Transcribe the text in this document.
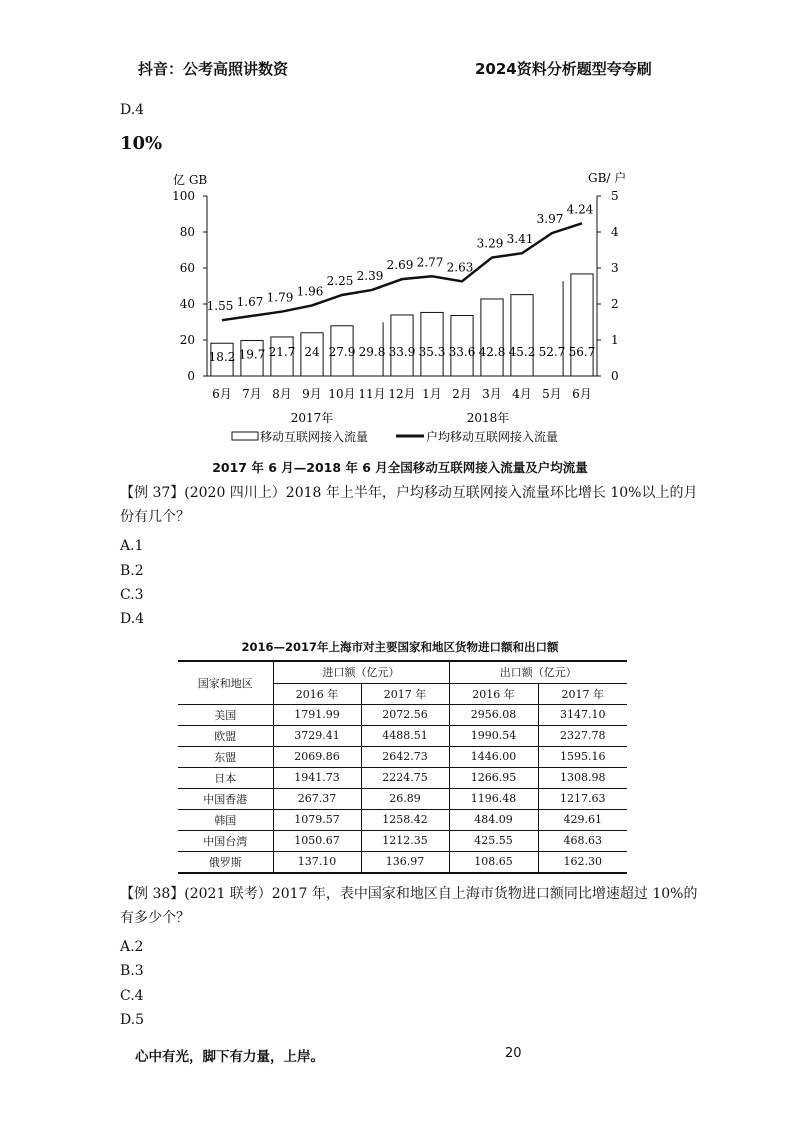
抖音：公考高照讲数资	2024资料分析题型夸夸刷
D.4
10%
0
20
40
60
80
100
0
1
2
3
4
5
亿 GB	GB/ 户
18.2 19.7 21.7 24 27.9 29.8 33.9 35.3 33.6 42.8 45.2 52.7 56.7
1.55 1.67 1.79 1.96
2.25 2.39
2.69 2.77 2.63
3.29 3.41
3.97
4.24
6月 7月 8月 9月 10月 11月 12月 1月 2月 3月 4月 5月 6月
2017年	2018年
移动互联网接入流量	户均移动互联网接入流量
2017 年 6 月—2018 年 6 月全国移动互联网接入流量及户均流量
【例 37】(2020 四川上）2018 年上半年，户均移动互联网接入流量环比增长 10%以上的月
份有几个？
A.1
B.2
C.3
D.4
2016—2017年上海市对主要国家和地区货物进口额和出口额
国家和地区	进口额（亿元）		出口额（亿元）	
	2016 年	2017 年	2016 年	2017 年
美国	1791.99	2072.56	2956.08	3147.10
欧盟	3729.41	4488.51	1990.54	2327.78
东盟	2069.86	2642.73	1446.00	1595.16
日本	1941.73	2224.75	1266.95	1308.98
中国香港	267.37	26.89	1196.48	1217.63
韩国	1079.57	1258.42	484.09	429.61
中国台湾	1050.67	1212.35	425.55	468.63
俄罗斯	137.10	136.97	108.65	162.30
【例 38】(2021 联考）2017 年，表中国家和地区自上海市货物进口额同比增速超过 10%的
有多少个？
A.2
B.3
C.4
D.5
心中有光，脚下有力量，上岸。	20
